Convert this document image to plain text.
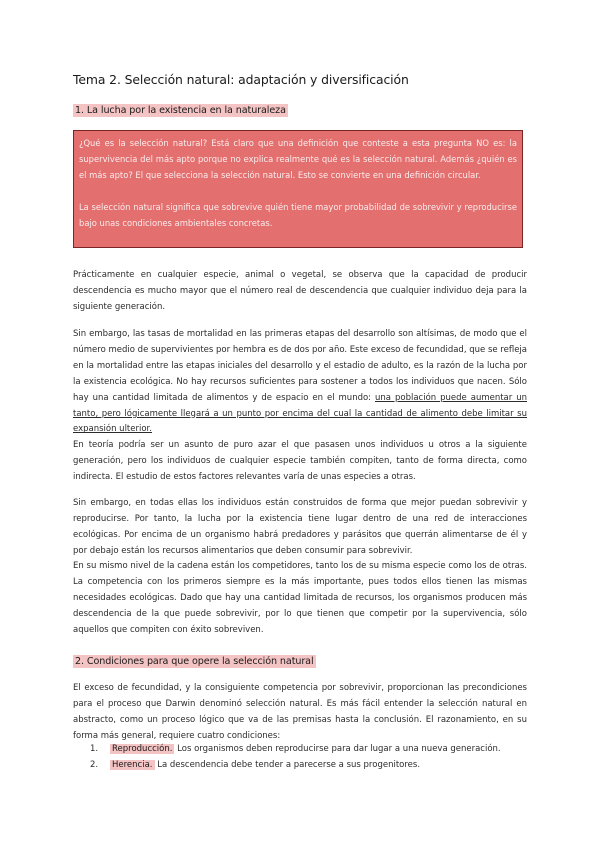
Tema 2. Selección natural: adaptación y diversificación
1. La lucha por la existencia en la naturaleza

¿Qué es la selección natural? Está claro que una definición que conteste a esta pregunta NO es: la supervivencia del más apto porque no explica realmente qué es la selección natural. Además ¿quién es el más apto? El que selecciona la selección natural. Esto se convierte en una definición circular.

La selección natural significa que sobrevive quién tiene mayor probabilidad de sobrevivir y reproducirse bajo unas condiciones ambientales concretas.

Prácticamente en cualquier especie, animal o vegetal, se observa que la capacidad de producir descendencia es mucho mayor que el número real de descendencia que cualquier individuo deja para la siguiente generación.

Sin embargo, las tasas de mortalidad en las primeras etapas del desarrollo son altísimas, de modo que el número medio de supervivientes por hembra es de dos por año. Este exceso de fecundidad, que se refleja en la mortalidad entre las etapas iniciales del desarrollo y el estadio de adulto, es la razón de la lucha por la existencia ecológica. No hay recursos suficientes para sostener a todos los individuos que nacen. Sólo hay una cantidad limitada de alimentos y de espacio en el mundo: una población puede aumentar un tanto, pero lógicamente llegará a un punto por encima del cual la cantidad de alimento debe limitar su expansión ulterior.

En teoría podría ser un asunto de puro azar el que pasasen unos individuos u otros a la siguiente generación, pero los individuos de cualquier especie también compiten, tanto de forma directa, como indirecta. El estudio de estos factores relevantes varía de unas especies a otras.

Sin embargo, en todas ellas los individuos están construidos de forma que mejor puedan sobrevivir y reproducirse. Por tanto, la lucha por la existencia tiene lugar dentro de una red de interacciones ecológicas. Por encima de un organismo habrá predadores y parásitos que querrán alimentarse de él y por debajo están los recursos alimentarios que deben consumir para sobrevivir.

En su mismo nivel de la cadena están los competidores, tanto los de su misma especie como los de otras. La competencia con los primeros siempre es la más importante, pues todos ellos tienen las mismas necesidades ecológicas. Dado que hay una cantidad limitada de recursos, los organismos producen más descendencia de la que puede sobrevivir, por lo que tienen que competir por la supervivencia, sólo aquellos que compiten con éxito sobreviven.

2. Condiciones para que opere la selección natural

El exceso de fecundidad, y la consiguiente competencia por sobrevivir, proporcionan las precondiciones para el proceso que Darwin denominó selección natural. Es más fácil entender la selección natural en abstracto, como un proceso lógico que va de las premisas hasta la conclusión. El razonamiento, en su forma más general, requiere cuatro condiciones:

1. Reproducción. Los organismos deben reproducirse para dar lugar a una nueva generación.
2. Herencia. La descendencia debe tender a parecerse a sus progenitores.
